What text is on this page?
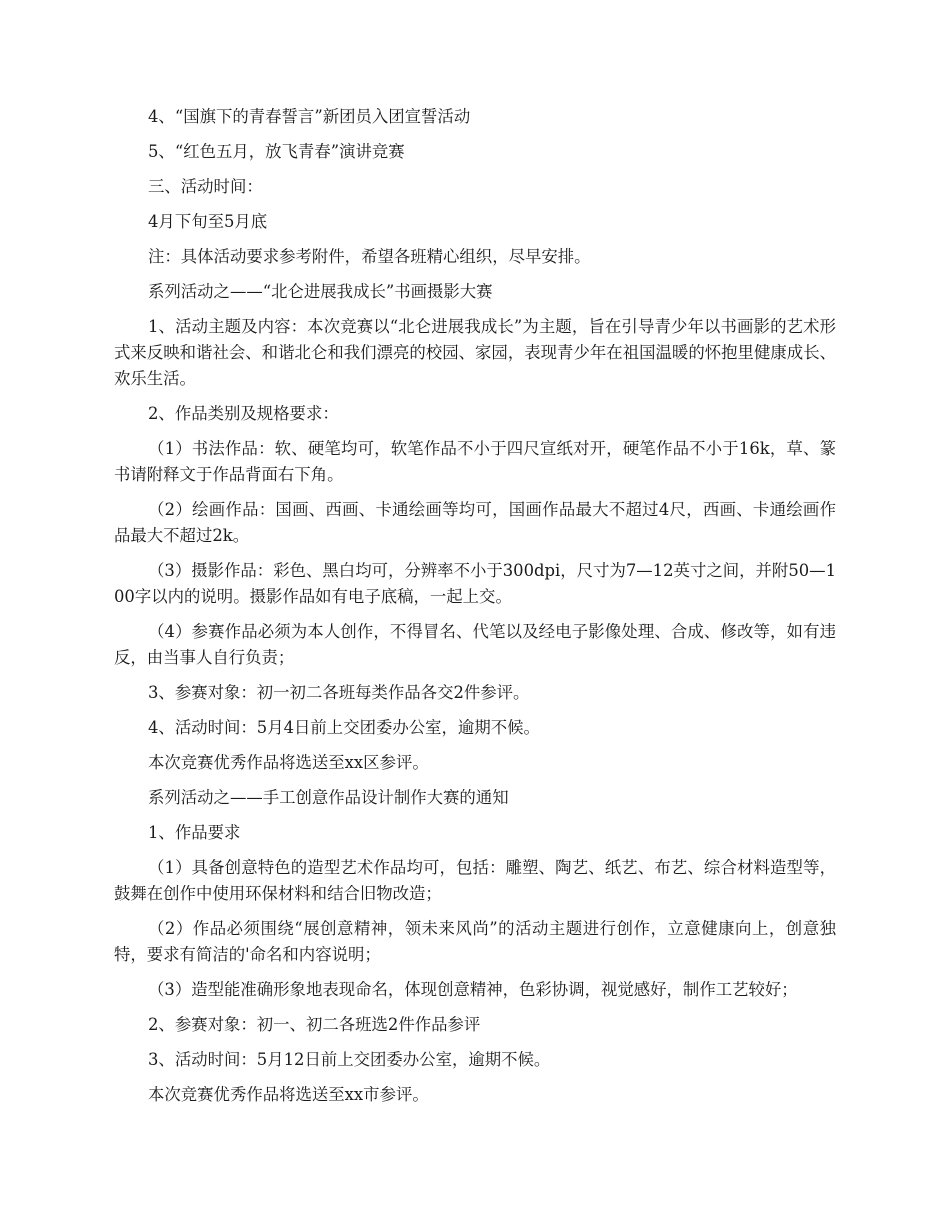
4、“国旗下的青春誓言”新团员入团宣誓活动

5、“红色五月，放飞青春”演讲竞赛

三、活动时间：

4月下旬至5月底

注：具体活动要求参考附件，希望各班精心组织，尽早安排。

系列活动之——“北仑进展我成长”书画摄影大赛

1、活动主题及内容：本次竞赛以“北仑进展我成长”为主题，旨在引导青少年以书画影的艺术形式来反映和谐社会、和谐北仑和我们漂亮的校园、家园，表现青少年在祖国温暖的怀抱里健康成长、欢乐生活。

2、作品类别及规格要求：

（1）书法作品：软、硬笔均可，软笔作品不小于四尺宣纸对开，硬笔作品不小于16k，草、篆书请附释文于作品背面右下角。

（2）绘画作品：国画、西画、卡通绘画等均可，国画作品最大不超过4尺，西画、卡通绘画作品最大不超过2k。

（3）摄影作品：彩色、黑白均可，分辨率不小于300dpi，尺寸为7—12英寸之间，并附50—100字以内的说明。摄影作品如有电子底稿，一起上交。

（4）参赛作品必须为本人创作，不得冒名、代笔以及经电子影像处理、合成、修改等，如有违反，由当事人自行负责；

3、参赛对象：初一初二各班每类作品各交2件参评。

4、活动时间：5月4日前上交团委办公室，逾期不候。

本次竞赛优秀作品将选送至xx区参评。

系列活动之——手工创意作品设计制作大赛的通知

1、作品要求

（1）具备创意特色的造型艺术作品均可，包括：雕塑、陶艺、纸艺、布艺、综合材料造型等，鼓舞在创作中使用环保材料和结合旧物改造；

（2）作品必须围绕“展创意精神，领未来风尚”的活动主题进行创作，立意健康向上，创意独特，要求有简洁的'命名和内容说明；

（3）造型能准确形象地表现命名，体现创意精神，色彩协调，视觉感好，制作工艺较好；

2、参赛对象：初一、初二各班选2件作品参评

3、活动时间：5月12日前上交团委办公室，逾期不候。

本次竞赛优秀作品将选送至xx市参评。
